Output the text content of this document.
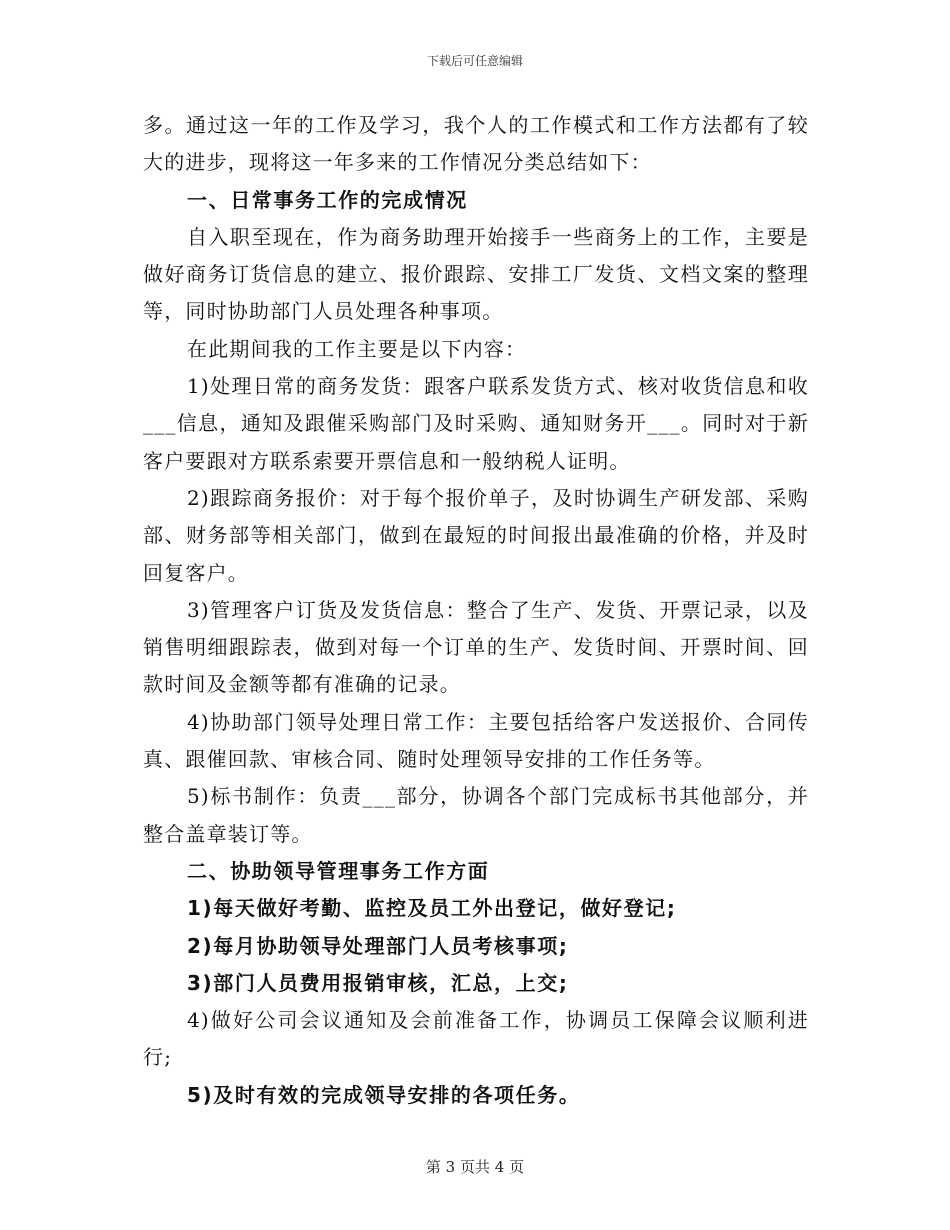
下载后可任意编辑

多。通过这一年的工作及学习，我个人的工作模式和工作方法都有了较大的进步，现将这一年多来的工作情况分类总结如下：

一、日常事务工作的完成情况

自入职至现在，作为商务助理开始接手一些商务上的工作，主要是做好商务订货信息的建立、报价跟踪、安排工厂发货、文档文案的整理等，同时协助部门人员处理各种事项。

在此期间我的工作主要是以下内容：

1)处理日常的商务发货：跟客户联系发货方式、核对收货信息和收___信息，通知及跟催采购部门及时采购、通知财务开___。同时对于新客户要跟对方联系索要开票信息和一般纳税人证明。

2)跟踪商务报价：对于每个报价单子，及时协调生产研发部、采购部、财务部等相关部门，做到在最短的时间报出最准确的价格，并及时回复客户。

3)管理客户订货及发货信息：整合了生产、发货、开票记录，以及销售明细跟踪表，做到对每一个订单的生产、发货时间、开票时间、回款时间及金额等都有准确的记录。

4)协助部门领导处理日常工作：主要包括给客户发送报价、合同传真、跟催回款、审核合同、随时处理领导安排的工作任务等。

5)标书制作：负责___部分，协调各个部门完成标书其他部分，并整合盖章装订等。

二、协助领导管理事务工作方面

1)每天做好考勤、监控及员工外出登记，做好登记;

2)每月协助领导处理部门人员考核事项;

3)部门人员费用报销审核，汇总，上交;

4)做好公司会议通知及会前准备工作，协调员工保障会议顺利进行;

5)及时有效的完成领导安排的各项任务。

第 3 页共 4 页
